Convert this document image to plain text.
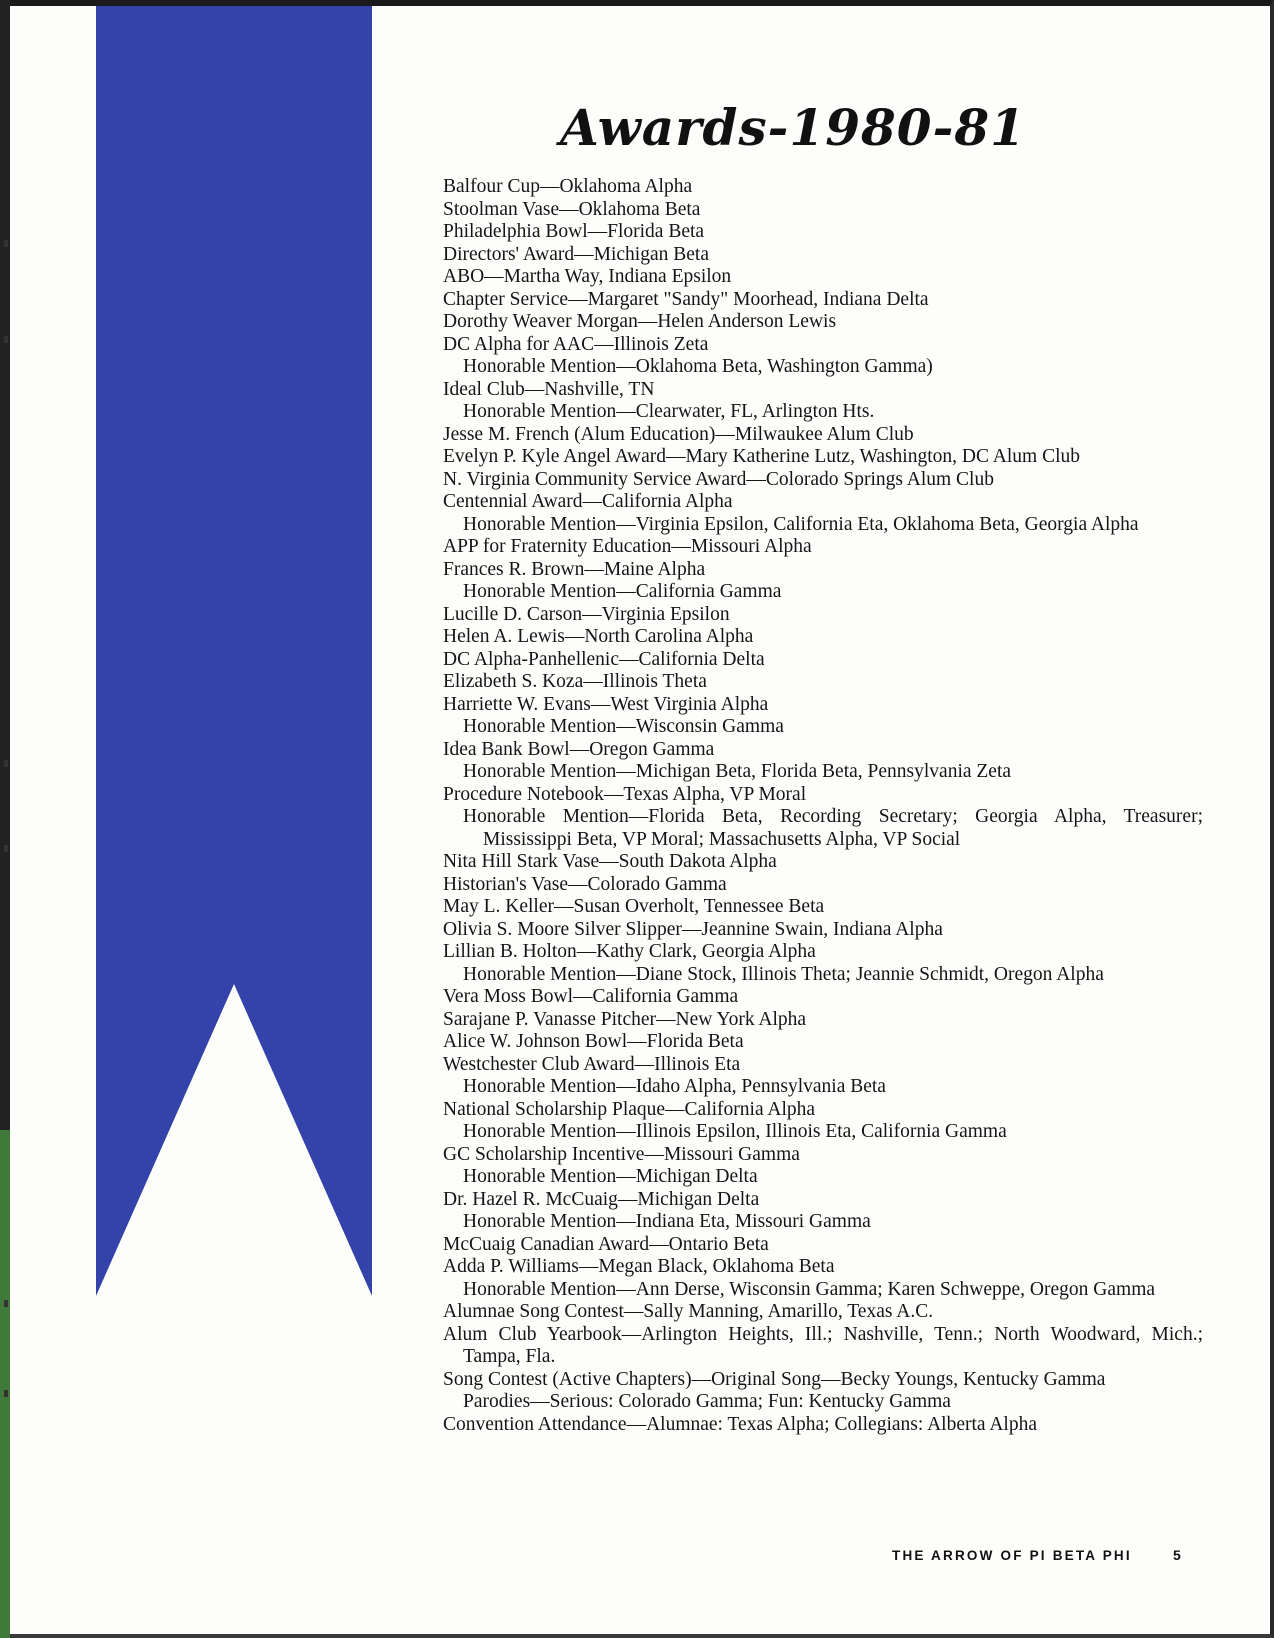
Awards-1980-81
Balfour Cup—Oklahoma Alpha
Stoolman Vase—Oklahoma Beta
Philadelphia Bowl—Florida Beta
Directors' Award—Michigan Beta
ABO—Martha Way, Indiana Epsilon
Chapter Service—Margaret "Sandy" Moorhead, Indiana Delta
Dorothy Weaver Morgan—Helen Anderson Lewis
DC Alpha for AAC—Illinois Zeta
Honorable Mention—Oklahoma Beta, Washington Gamma)
Ideal Club—Nashville, TN
Honorable Mention—Clearwater, FL, Arlington Hts.
Jesse M. French (Alum Education)—Milwaukee Alum Club
Evelyn P. Kyle Angel Award—Mary Katherine Lutz, Washington, DC Alum Club
N. Virginia Community Service Award—Colorado Springs Alum Club
Centennial Award—California Alpha
Honorable Mention—Virginia Epsilon, California Eta, Oklahoma Beta, Georgia Alpha
APP for Fraternity Education—Missouri Alpha
Frances R. Brown—Maine Alpha
Honorable Mention—California Gamma
Lucille D. Carson—Virginia Epsilon
Helen A. Lewis—North Carolina Alpha
DC Alpha-Panhellenic—California Delta
Elizabeth S. Koza—Illinois Theta
Harriette W. Evans—West Virginia Alpha
Honorable Mention—Wisconsin Gamma
Idea Bank Bowl—Oregon Gamma
Honorable Mention—Michigan Beta, Florida Beta, Pennsylvania Zeta
Procedure Notebook—Texas Alpha, VP Moral
Honorable Mention—Florida Beta, Recording Secretary; Georgia Alpha, Treasurer; Mississippi Beta, VP Moral; Massachusetts Alpha, VP Social
Nita Hill Stark Vase—South Dakota Alpha
Historian's Vase—Colorado Gamma
May L. Keller—Susan Overholt, Tennessee Beta
Olivia S. Moore Silver Slipper—Jeannine Swain, Indiana Alpha
Lillian B. Holton—Kathy Clark, Georgia Alpha
Honorable Mention—Diane Stock, Illinois Theta; Jeannie Schmidt, Oregon Alpha
Vera Moss Bowl—California Gamma
Sarajane P. Vanasse Pitcher—New York Alpha
Alice W. Johnson Bowl—Florida Beta
Westchester Club Award—Illinois Eta
Honorable Mention—Idaho Alpha, Pennsylvania Beta
National Scholarship Plaque—California Alpha
Honorable Mention—Illinois Epsilon, Illinois Eta, California Gamma
GC Scholarship Incentive—Missouri Gamma
Honorable Mention—Michigan Delta
Dr. Hazel R. McCuaig—Michigan Delta
Honorable Mention—Indiana Eta, Missouri Gamma
McCuaig Canadian Award—Ontario Beta
Adda P. Williams—Megan Black, Oklahoma Beta
Honorable Mention—Ann Derse, Wisconsin Gamma; Karen Schweppe, Oregon Gamma
Alumnae Song Contest—Sally Manning, Amarillo, Texas A.C.
Alum Club Yearbook—Arlington Heights, Ill.; Nashville, Tenn.; North Woodward, Mich.; Tampa, Fla.
Song Contest (Active Chapters)—Original Song—Becky Youngs, Kentucky Gamma
Parodies—Serious: Colorado Gamma; Fun: Kentucky Gamma
Convention Attendance—Alumnae: Texas Alpha; Collegians: Alberta Alpha
THE ARROW OF PI BETA PHI	5
